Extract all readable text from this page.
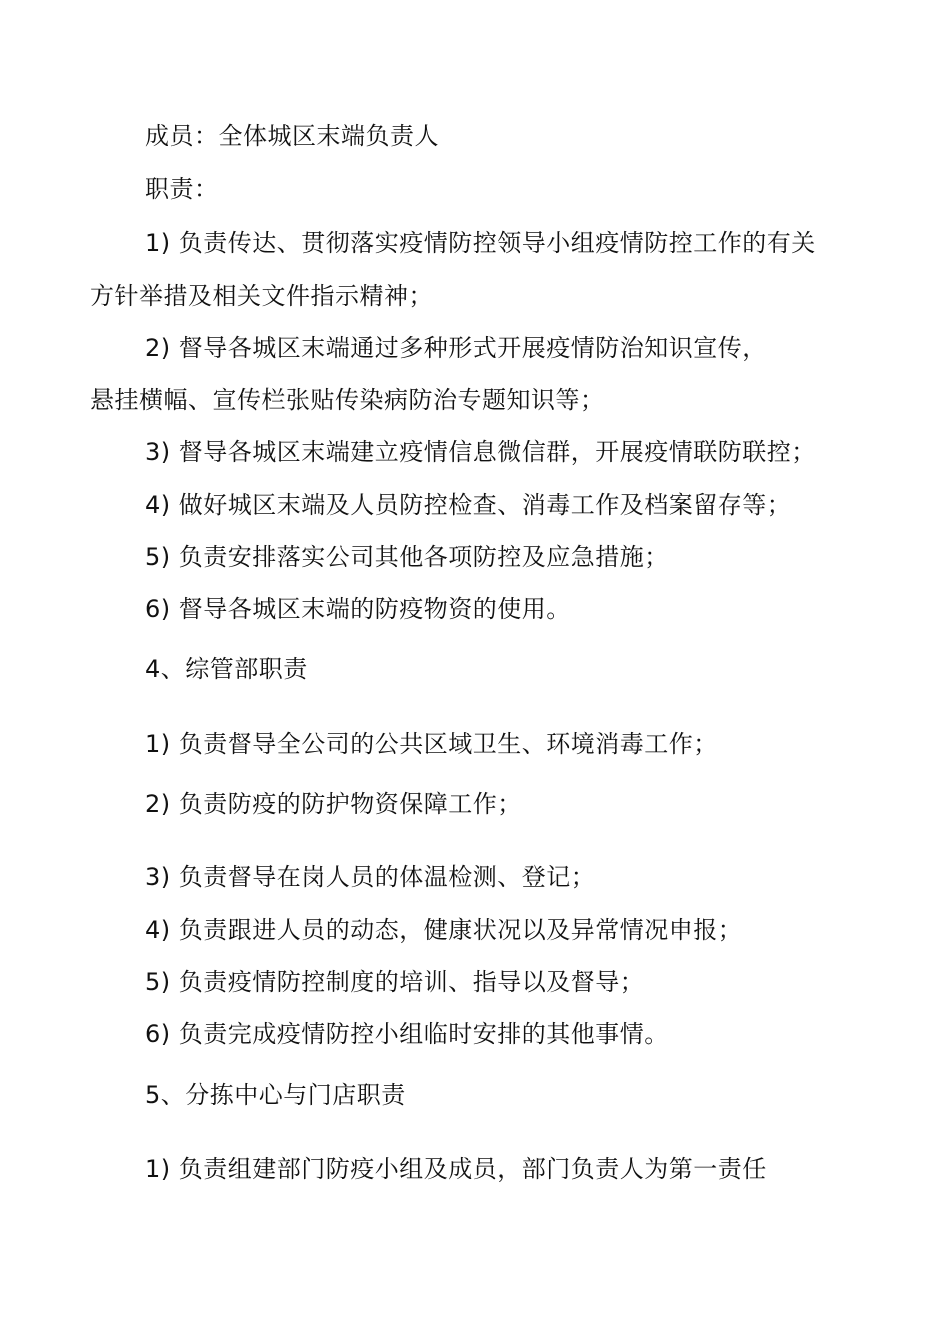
成员：全体城区末端负责人
职责：
1) 负责传达、贯彻落实疫情防控领导小组疫情防控工作的有关
方针举措及相关文件指示精神；
2) 督导各城区末端通过多种形式开展疫情防治知识宣传，
悬挂横幅、宣传栏张贴传染病防治专题知识等；
3) 督导各城区末端建立疫情信息微信群，开展疫情联防联控；
4) 做好城区末端及人员防控检查、消毒工作及档案留存等；
5) 负责安排落实公司其他各项防控及应急措施；
6) 督导各城区末端的防疫物资的使用。
4、综管部职责
1) 负责督导全公司的公共区域卫生、环境消毒工作；
2) 负责防疫的防护物资保障工作；
3) 负责督导在岗人员的体温检测、登记；
4) 负责跟进人员的动态，健康状况以及异常情况申报；
5) 负责疫情防控制度的培训、指导以及督导；
6) 负责完成疫情防控小组临时安排的其他事情。
5、分拣中心与门店职责
1) 负责组建部门防疫小组及成员，部门负责人为第一责任
